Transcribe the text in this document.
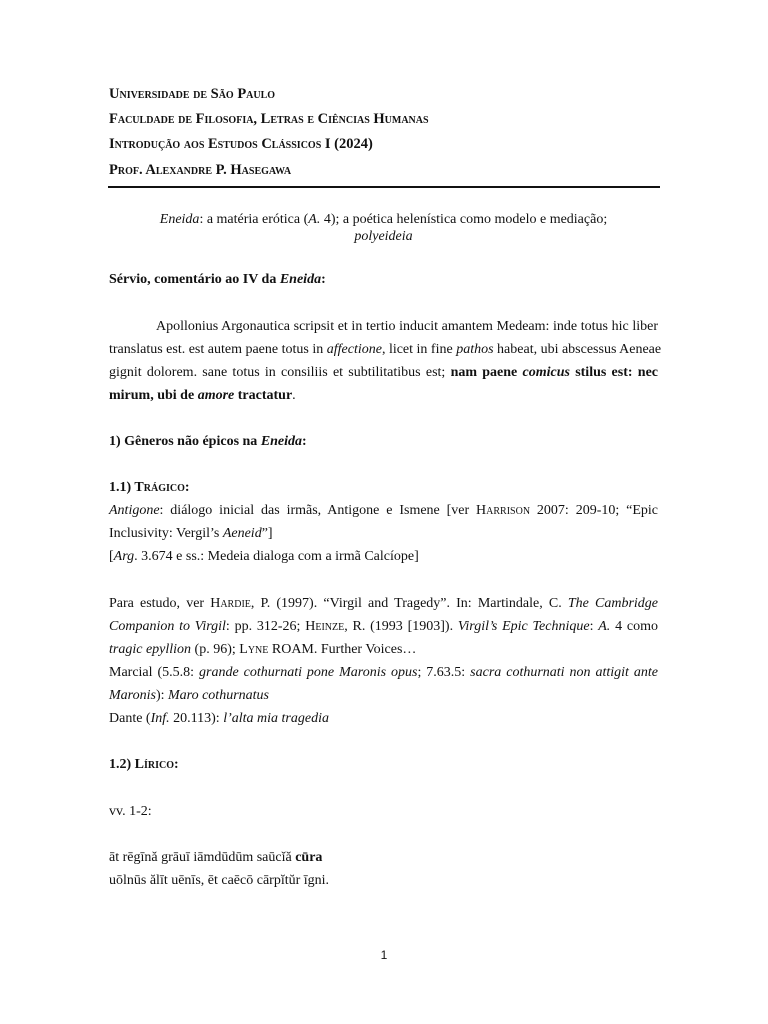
Universidade de São Paulo
Faculdade de Filosofia, Letras e Ciências Humanas
Introdução aos Estudos Clássicos I (2024)
Prof. Alexandre P. Hasegawa
Eneida: a matéria erótica (A. 4); a poética helenística como modelo e mediação;
polyeideia
Sérvio, comentário ao IV da Eneida:
Apollonius Argonautica scripsit et in tertio inducit amantem Medeam: inde totus hic liber
translatus est. est autem paene totus in affectione, licet in fine pathos habeat, ubi abscessus Aeneae
gignit dolorem. sane totus in consiliis et subtilitatibus est; nam paene comicus stilus est: nec
mirum, ubi de amore tractatur.
1) Gêneros não épicos na Eneida:
1.1) Trágico:
Antigone: diálogo inicial das irmãs, Antigone e Ismene [ver Harrison 2007: 209-10; “Epic
Inclusivity: Vergil’s Aeneid”]
[Arg. 3.674 e ss.: Medeia dialoga com a irmã Calcíope]
Para estudo, ver Hardie, P. (1997). “Virgil and Tragedy”. In: Martindale, C. The Cambridge
Companion to Virgil: pp. 312-26; Heinze, R. (1993 [1903]). Virgil’s Epic Technique: A. 4 como
tragic epyllion (p. 96); Lyne ROAM. Further Voices…
Marcial (5.5.8: grande cothurnati pone Maronis opus; 7.63.5: sacra cothurnati non attigit ante
Maronis): Maro cothurnatus
Dante (Inf. 20.113): l’alta mia tragedia
1.2) Lírico:
vv. 1-2:
āt rēgīnă grāuī iāmdūdūm saūcĭă cūra
uōlnūs ălīt uēnīs, ēt caēcō cārpĭtŭr īgni.
1
